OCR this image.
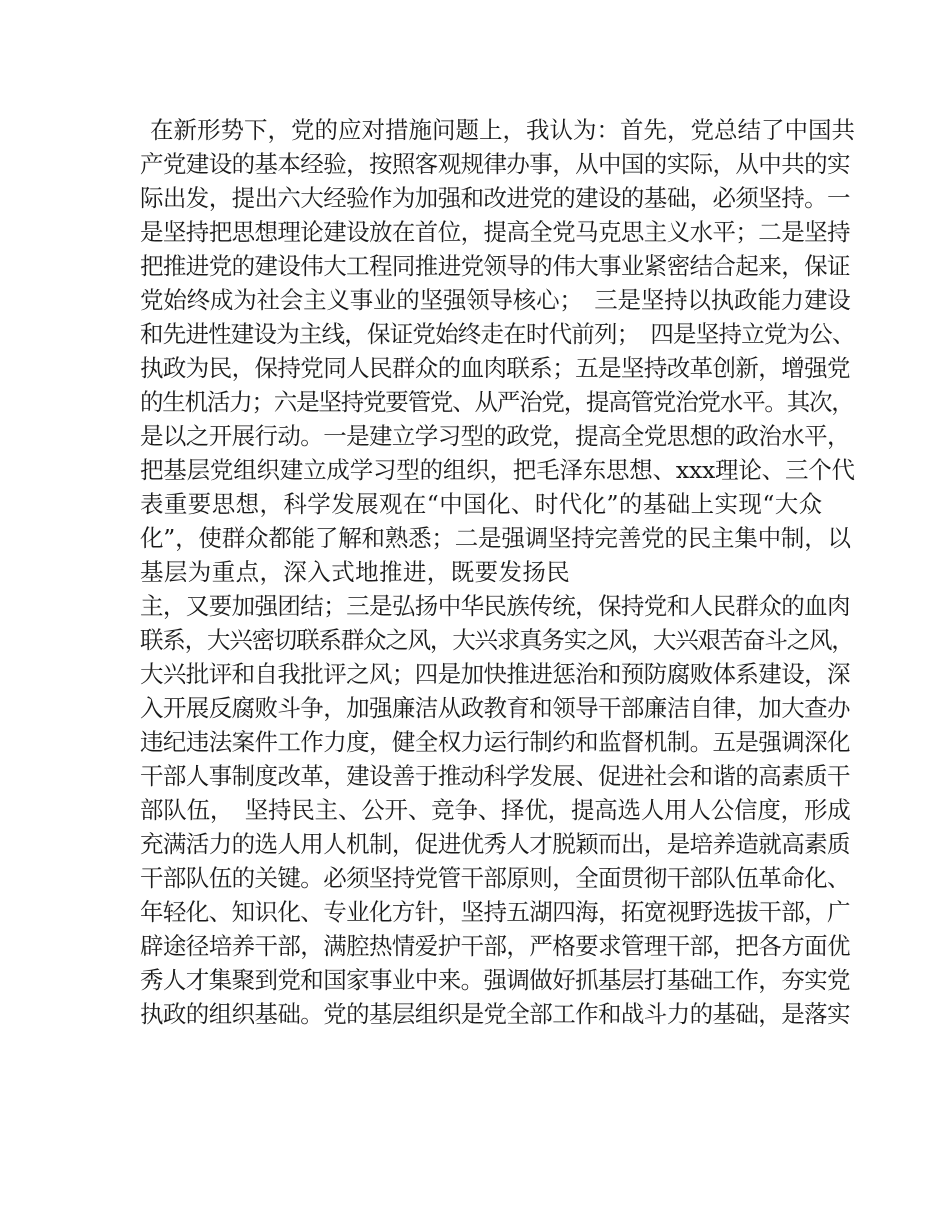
在新形势下，党的应对措施问题上，我认为：首先，党总结了中国共
产党建设的基本经验，按照客观规律办事，从中国的实际，从中共的实
际出发，提出六大经验作为加强和改进党的建设的基础，必须坚持。一
是坚持把思想理论建设放在首位，提高全党马克思主义水平；二是坚持
把推进党的建设伟大工程同推进党领导的伟大事业紧密结合起来，保证
党始终成为社会主义事业的坚强领导核心；　三是坚持以执政能力建设
和先进性建设为主线，保证党始终走在时代前列；　四是坚持立党为公、
执政为民，保持党同人民群众的血肉联系；五是坚持改革创新，增强党
的生机活力；六是坚持党要管党、从严治党，提高管党治党水平。其次，
是以之开展行动。一是建立学习型的政党，提高全党思想的政治水平，
把基层党组织建立成学习型的组织，把毛泽东思想、xxx理论、三个代
表重要思想，科学发展观在“中国化、时代化”的基础上实现“大众
化”，使群众都能了解和熟悉；二是强调坚持完善党的民主集中制，以
基层为重点，深入式地推进，既要发扬民
主，又要加强团结；三是弘扬中华民族传统，保持党和人民群众的血肉
联系，大兴密切联系群众之风，大兴求真务实之风，大兴艰苦奋斗之风，
大兴批评和自我批评之风；四是加快推进惩治和预防腐败体系建设，深
入开展反腐败斗争，加强廉洁从政教育和领导干部廉洁自律，加大查办
违纪违法案件工作力度，健全权力运行制约和监督机制。五是强调深化
干部人事制度改革，建设善于推动科学发展、促进社会和谐的高素质干
部队伍，　坚持民主、公开、竞争、择优，提高选人用人公信度，形成
充满活力的选人用人机制，促进优秀人才脱颖而出，是培养造就高素质
干部队伍的关键。必须坚持党管干部原则，全面贯彻干部队伍革命化、
年轻化、知识化、专业化方针，坚持五湖四海，拓宽视野选拔干部，广
辟途径培养干部，满腔热情爱护干部，严格要求管理干部，把各方面优
秀人才集聚到党和国家事业中来。强调做好抓基层打基础工作，夯实党
执政的组织基础。党的基层组织是党全部工作和战斗力的基础，是落实
